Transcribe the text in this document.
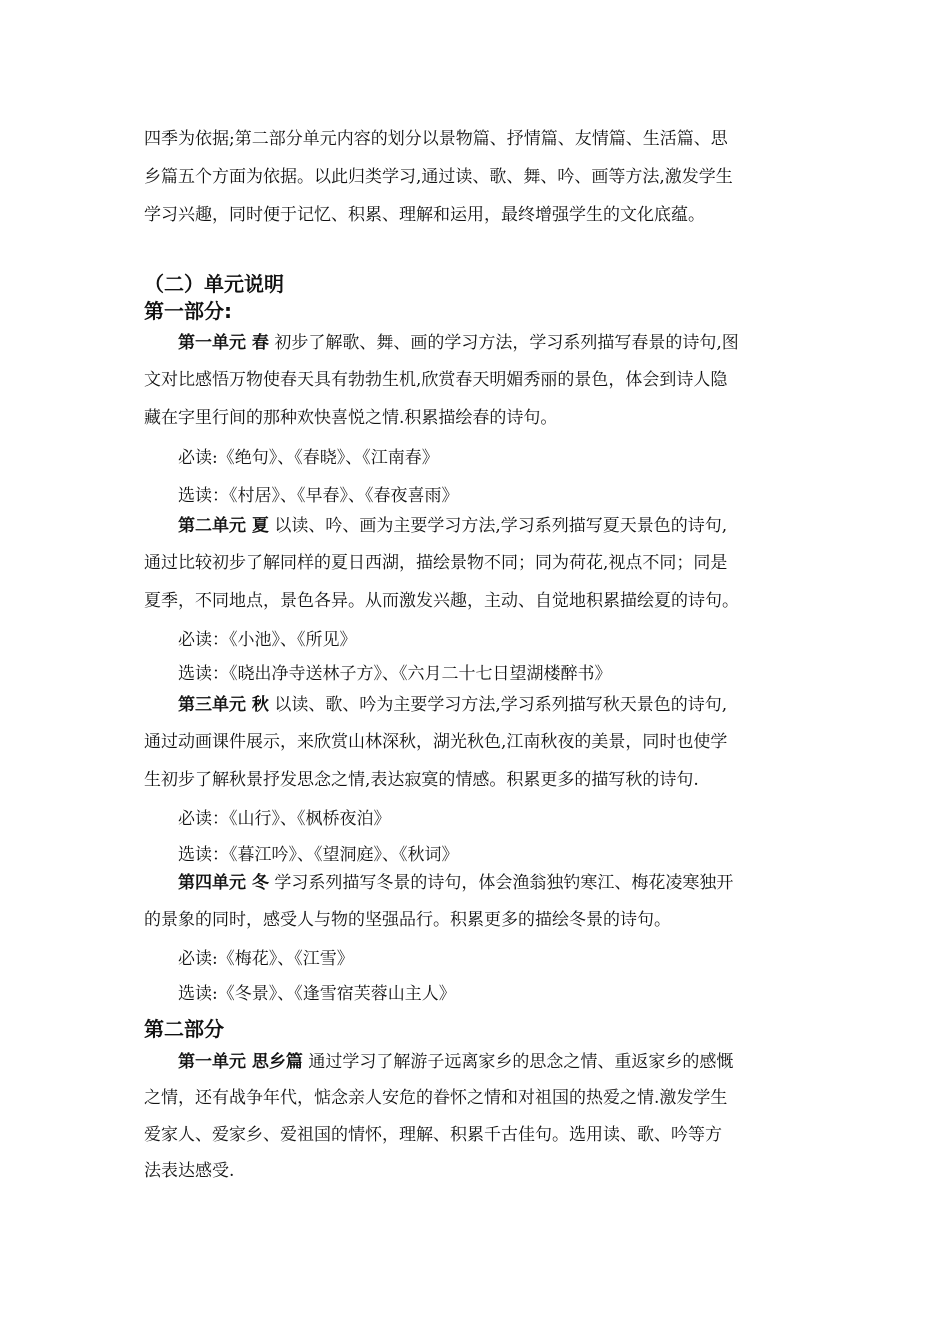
四季为依据;第二部分单元内容的划分以景物篇、抒情篇、友情篇、生活篇、思

乡篇五个方面为依据。以此归类学习,通过读、歌、舞、吟、画等方法,激发学生

学习兴趣，同时便于记忆、积累、理解和运用，最终增强学生的文化底蕴。

（二）单元说明
第一部分:

第一单元 春 初步了解歌、舞、画的学习方法，学习系列描写春景的诗句,图

文对比感悟万物使春天具有勃勃生机,欣赏春天明媚秀丽的景色，体会到诗人隐

藏在字里行间的那种欢快喜悦之情.积累描绘春的诗句。

必读:《绝句》、《春晓》、《江南春》

选读：《村居》、《早春》、《春夜喜雨》

第二单元 夏 以读、吟、画为主要学习方法,学习系列描写夏天景色的诗句,

通过比较初步了解同样的夏日西湖，描绘景物不同；同为荷花,视点不同；同是

夏季，不同地点，景色各异。从而激发兴趣，主动、自觉地积累描绘夏的诗句。

必读：《小池》、《所见》

选读：《晓出净寺送林子方》、《六月二十七日望湖楼醉书》

第三单元 秋 以读、歌、吟为主要学习方法,学习系列描写秋天景色的诗句,

通过动画课件展示，来欣赏山林深秋，湖光秋色,江南秋夜的美景，同时也使学

生初步了解秋景抒发思念之情,表达寂寞的情感。积累更多的描写秋的诗句.

必读：《山行》、《枫桥夜泊》

选读：《暮江吟》、《望洞庭》、《秋词》

第四单元 冬 学习系列描写冬景的诗句，体会渔翁独钓寒江、梅花凌寒独开

的景象的同时，感受人与物的坚强品行。积累更多的描绘冬景的诗句。

必读:《梅花》、《江雪》

选读:《冬景》、《逢雪宿芙蓉山主人》

第二部分

第一单元 思乡篇 通过学习了解游子远离家乡的思念之情、重返家乡的感慨

之情，还有战争年代，惦念亲人安危的眷怀之情和对祖国的热爱之情.激发学生

爱家人、爱家乡、爱祖国的情怀，理解、积累千古佳句。选用读、歌、吟等方

法表达感受.
